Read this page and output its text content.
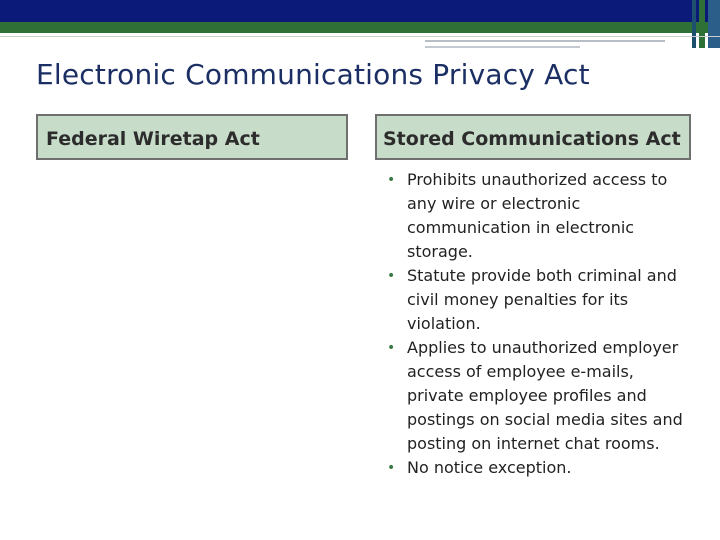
Electronic Communications Privacy Act
Federal Wiretap Act	Stored Communications Act
• Prohibits unauthorized access to any wire or electronic communication in electronic storage.
• Statute provide both criminal and civil money penalties for its violation.
• Applies to unauthorized employer access of employee e-mails, private employee profiles and postings on social media sites and posting on internet chat rooms.
• No notice exception.
